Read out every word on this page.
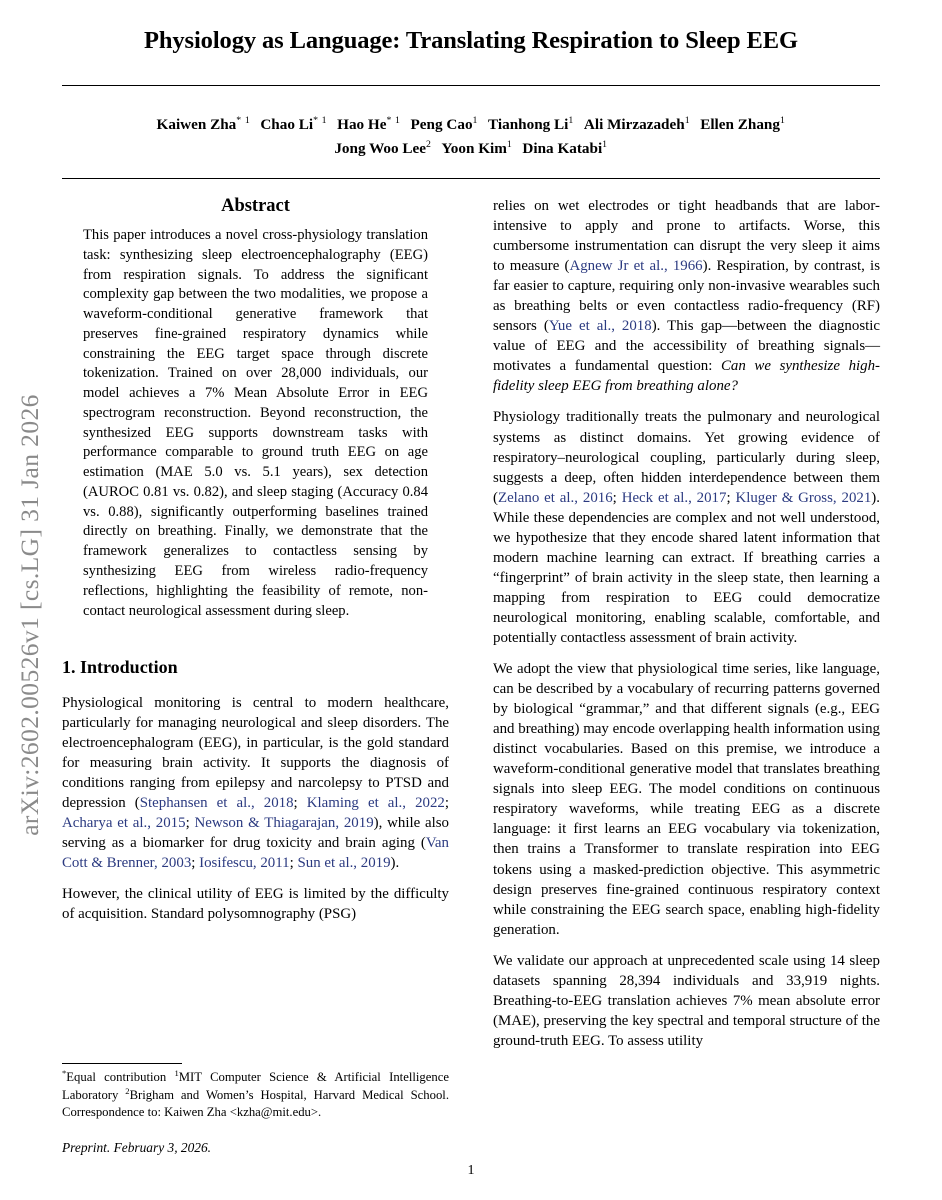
arXiv:2602.00526v1 [cs.LG] 31 Jan 2026
Physiology as Language: Translating Respiration to Sleep EEG
Kaiwen Zha$^{* 1}$ Chao Li$^{* 1}$ Hao He$^{* 1}$ Peng Cao$^1$ Tianhong Li$^1$ Ali Mirzazadeh$^1$ Ellen Zhang$^1$
Jong Woo Lee$^2$ Yoon Kim$^1$ Dina Katabi$^1$
Abstract
This paper introduces a novel cross-physiology translation task: synthesizing sleep electroencephalography (EEG) from respiration signals. To address the significant complexity gap between the two modalities, we propose a waveform-conditional generative framework that preserves fine-grained respiratory dynamics while constraining the EEG target space through discrete tokenization. Trained on over 28,000 individuals, our model achieves a 7% Mean Absolute Error in EEG spectrogram reconstruction. Beyond reconstruction, the synthesized EEG supports downstream tasks with performance comparable to ground truth EEG on age estimation (MAE 5.0 vs. 5.1 years), sex detection (AUROC 0.81 vs. 0.82), and sleep staging (Accuracy 0.84 vs. 0.88), significantly outperforming baselines trained directly on breathing. Finally, we demonstrate that the framework generalizes to contactless sensing by synthesizing EEG from wireless radio-frequency reflections, highlighting the feasibility of remote, non-contact neurological assessment during sleep.
1. Introduction

Physiological monitoring is central to modern healthcare, particularly for managing neurological and sleep disorders. The electroencephalogram (EEG), in particular, is the gold standard for measuring brain activity. It supports the diagnosis of conditions ranging from epilepsy and narcolepsy to PTSD and depression (Stephansen et al., 2018; Klaming et al., 2022; Acharya et al., 2015; Newson & Thiagarajan, 2019), while also serving as a biomarker for drug toxicity and brain aging (Van Cott & Brenner, 2003; Iosifescu, 2011; Sun et al., 2019).

However, the clinical utility of EEG is limited by the difficulty of acquisition. Standard polysomnography (PSG)

*Equal contribution $^1$MIT Computer Science & Artificial Intelligence Laboratory $^2$Brigham and Women’s Hospital, Harvard Medical School. Correspondence to: Kaiwen Zha <kzha@mit.edu>.

Preprint. February 3, 2026.

relies on wet electrodes or tight headbands that are labor-intensive to apply and prone to artifacts. Worse, this cumbersome instrumentation can disrupt the very sleep it aims to measure (Agnew Jr et al., 1966). Respiration, by contrast, is far easier to capture, requiring only non-invasive wearables such as breathing belts or even contactless radio-frequency (RF) sensors (Yue et al., 2018). This gap—between the diagnostic value of EEG and the accessibility of breathing signals—motivates a fundamental question: Can we synthesize high-fidelity sleep EEG from breathing alone?

Physiology traditionally treats the pulmonary and neurological systems as distinct domains. Yet growing evidence of respiratory–neurological coupling, particularly during sleep, suggests a deep, often hidden interdependence between them (Zelano et al., 2016; Heck et al., 2017; Kluger & Gross, 2021). While these dependencies are complex and not well understood, we hypothesize that they encode shared latent information that modern machine learning can extract. If breathing carries a “fingerprint” of brain activity in the sleep state, then learning a mapping from respiration to EEG could democratize neurological monitoring, enabling scalable, comfortable, and potentially contactless assessment of brain activity.

We adopt the view that physiological time series, like language, can be described by a vocabulary of recurring patterns governed by biological “grammar,” and that different signals (e.g., EEG and breathing) may encode overlapping health information using distinct vocabularies. Based on this premise, we introduce a waveform-conditional generative model that translates breathing signals into sleep EEG. The model conditions on continuous respiratory waveforms, while treating EEG as a discrete language: it first learns an EEG vocabulary via tokenization, then trains a Transformer to translate respiration into EEG tokens using a masked-prediction objective. This asymmetric design preserves fine-grained continuous respiratory context while constraining the EEG search space, enabling high-fidelity generation.

We validate our approach at unprecedented scale using 14 sleep datasets spanning 28,394 individuals and 33,919 nights. Breathing-to-EEG translation achieves 7% mean absolute error (MAE), preserving the key spectral and temporal structure of the ground-truth EEG. To assess utility

1
